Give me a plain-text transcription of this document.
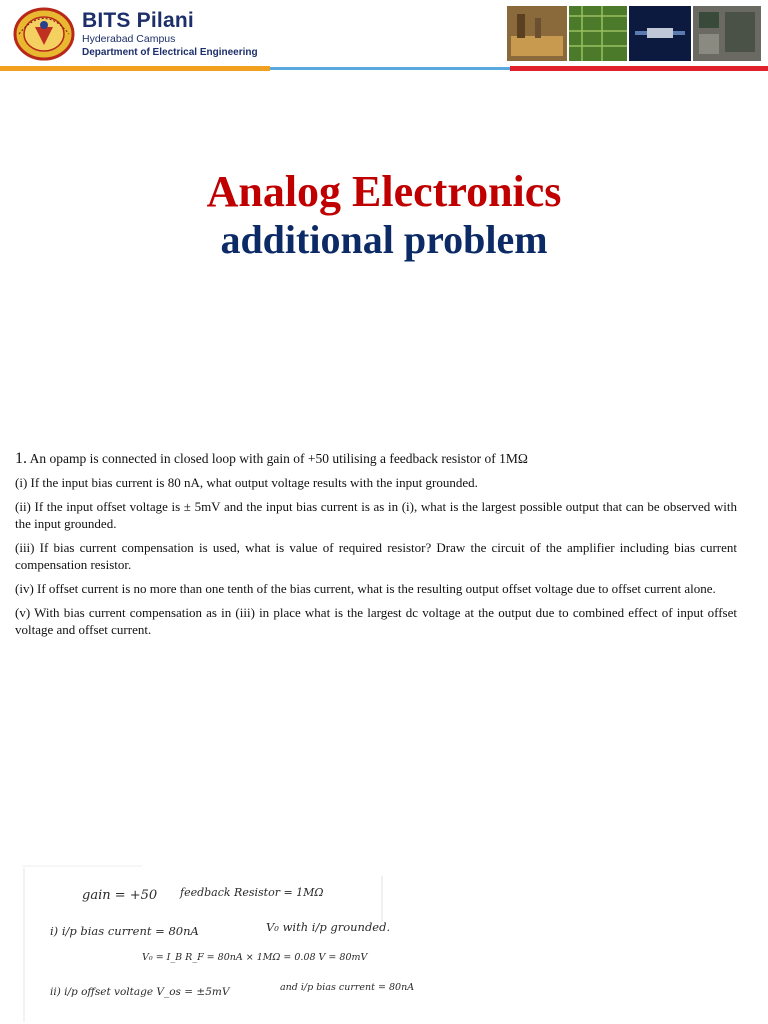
BITS Pilani
Hyderabad Campus
Department of Electrical Engineering
Analog Electronics
additional problem

1. An opamp is connected in closed loop with gain of +50 utilising a feedback resistor of 1MΩ

(i) If the input bias current is 80 nA, what output voltage results with the input grounded.

(ii) If the input offset voltage is ± 5mV and the input bias current is as in (i), what is the largest possible output that can be observed with the input grounded.

(iii) If bias current compensation is used, what is value of required resistor? Draw the circuit of the amplifier including bias current compensation resistor.

(iv) If offset current is no more than one tenth of the bias current, what is the resulting output offset voltage due to offset current alone.

(v) With bias current compensation as in (iii) in place what is the largest dc voltage at the output due to combined effect of input offset voltage and offset current.

gain = +50 feedback Resistor = 1MΩ
i) i/p bias current = 80nA	V₀ with i/p grounded.
V₀ = I_B R_F = 80nA × 1MΩ = 0.08 V = 80mV
ii) i/p offset voltage V_os = ±5mV	and i/p bias current = 80nA
